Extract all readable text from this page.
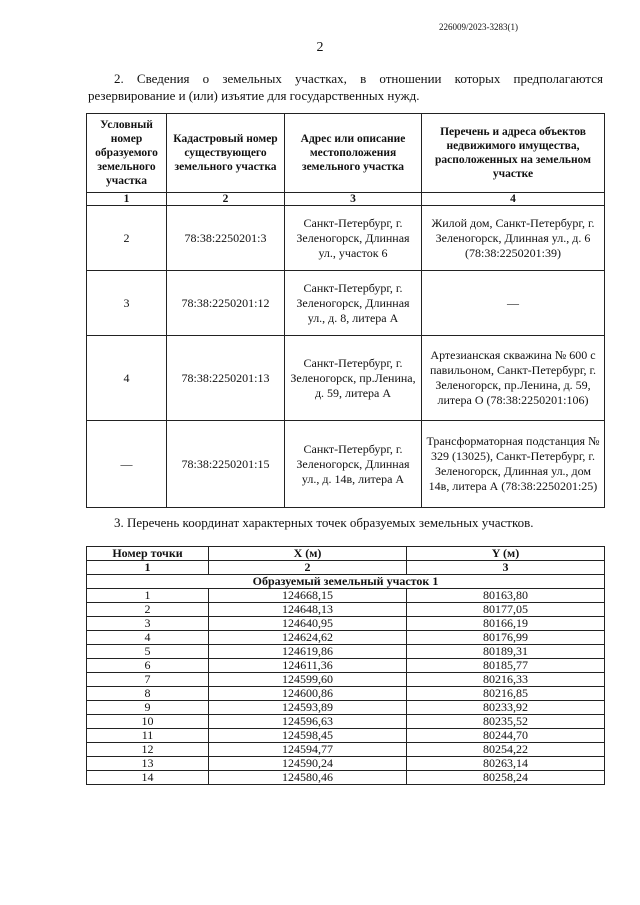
226009/2023-3283(1)
2
2. Сведения о земельных участках, в отношении которых предполагаются резервирование и (или) изъятие для государственных нужд.
Условный номер образуемого земельного участка	Кадастровый номер существующего земельного участка	Адрес или описание местоположения земельного участка	Перечень и адреса объектов недвижимого имущества, расположенных на земельном участке
1	2	3	4
2	78:38:2250201:3	Санкт-Петербург, г. Зеленогорск, Длинная ул., участок 6	Жилой дом, Санкт-Петербург, г. Зеленогорск, Длинная ул., д. 6 (78:38:2250201:39)
3	78:38:2250201:12	Санкт-Петербург, г. Зеленогорск, Длинная ул., д. 8, литера А	—
4	78:38:2250201:13	Санкт-Петербург, г. Зеленогорск, пр.Ленина, д. 59, литера А	Артезианская скважина № 600 с павильоном, Санкт-Петербург, г. Зеленогорск, пр.Ленина, д. 59, литера О (78:38:2250201:106)
—	78:38:2250201:15	Санкт-Петербург, г. Зеленогорск, Длинная ул., д. 14в, литера А	Трансформаторная подстанция № 329 (13025), Санкт-Петербург, г. Зеленогорск, Длинная ул., дом 14в, литера А (78:38:2250201:25)
3. Перечень координат характерных точек образуемых земельных участков.
Номер точки	X (м)	Y (м)
1	2	3
Образуемый земельный участок 1		
1	124668,15	80163,80
2	124648,13	80177,05
3	124640,95	80166,19
4	124624,62	80176,99
5	124619,86	80189,31
6	124611,36	80185,77
7	124599,60	80216,33
8	124600,86	80216,85
9	124593,89	80233,92
10	124596,63	80235,52
11	124598,45	80244,70
12	124594,77	80254,22
13	124590,24	80263,14
14	124580,46	80258,24
